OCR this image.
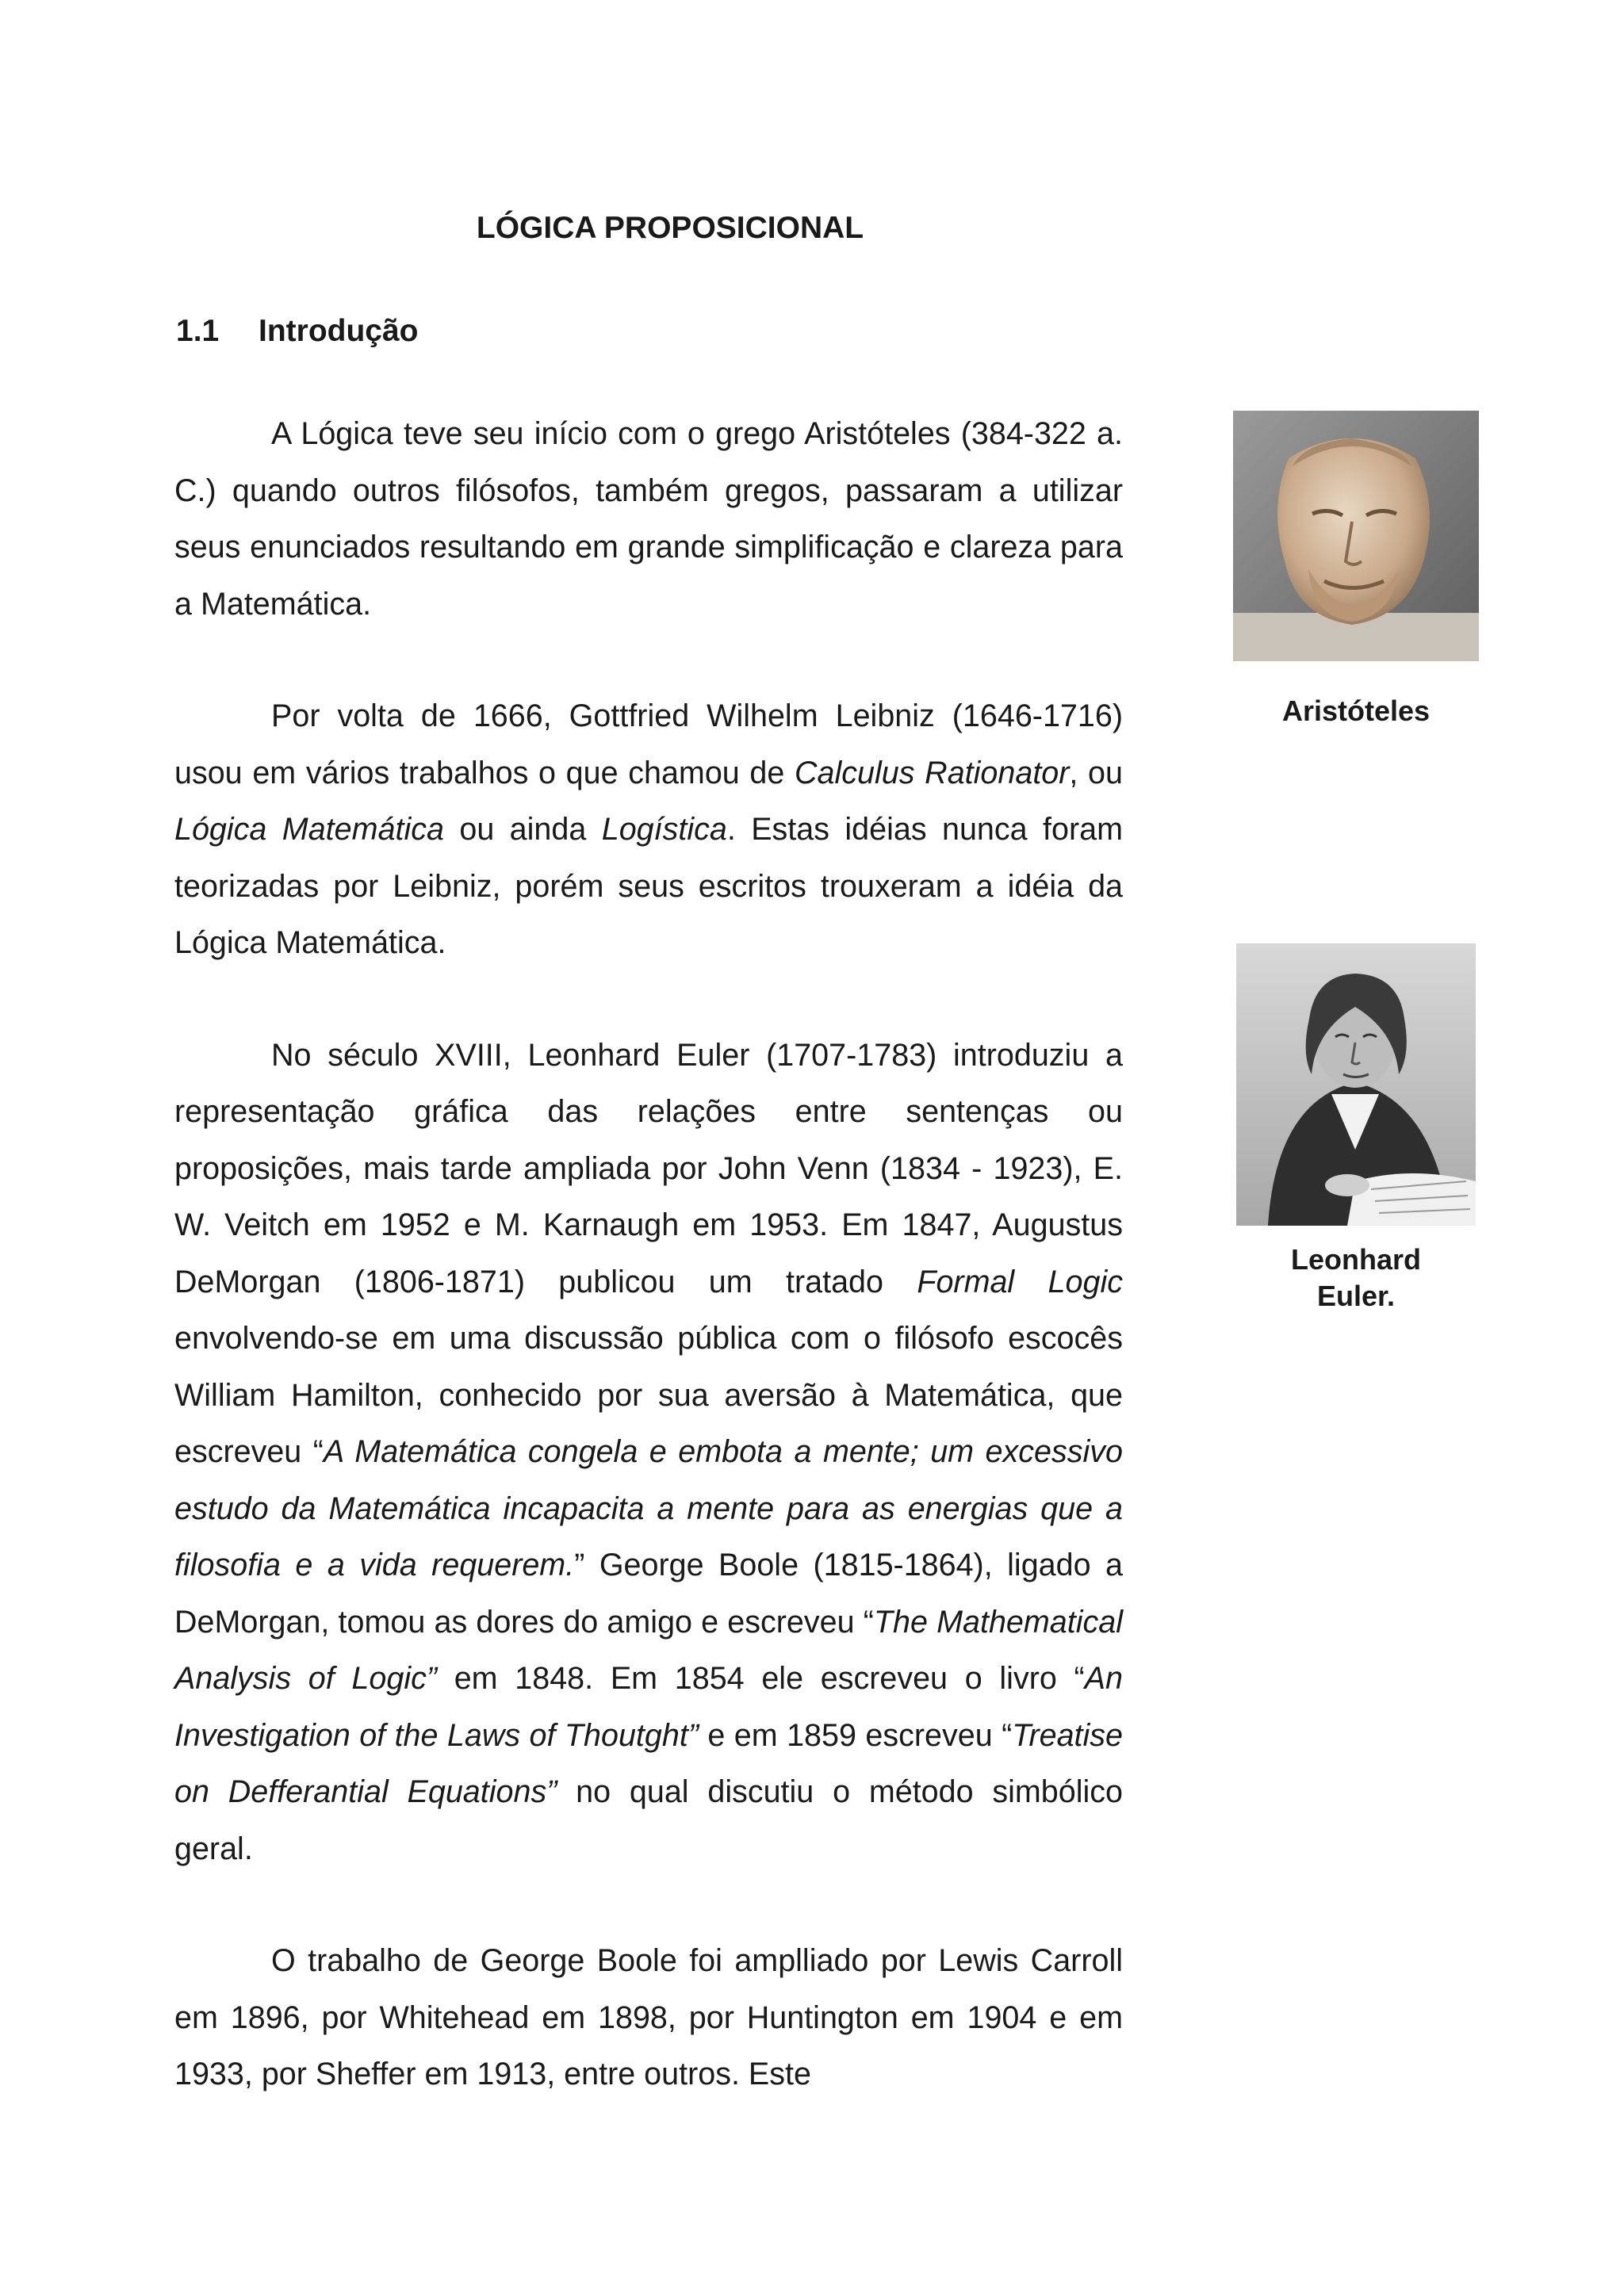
LÓGICA PROPOSICIONAL
1.1 Introdução

A Lógica teve seu início com o grego Aristóteles (384-322 a. C.) quando outros filósofos, também gregos, passaram a utilizar seus enunciados resultando em grande simplificação e clareza para a Matemática.

Por volta de 1666, Gottfried Wilhelm Leibniz (1646-1716) usou em vários trabalhos o que chamou de Calculus Rationator, ou Lógica Matemática ou ainda Logística. Estas idéias nunca foram teorizadas por Leibniz, porém seus escritos trouxeram a idéia da Lógica Matemática.

No século XVIII, Leonhard Euler (1707-1783) introduziu a representação gráfica das relações entre sentenças ou proposições, mais tarde ampliada por John Venn (1834 - 1923), E. W. Veitch em 1952 e M. Karnaugh em 1953. Em 1847, Augustus DeMorgan (1806-1871) publicou um tratado Formal Logic envolvendo-se em uma discussão pública com o filósofo escocês William Hamilton, conhecido por sua aversão à Matemática, que escreveu “A Matemática congela e embota a mente; um excessivo estudo da Matemática incapacita a mente para as energias que a filosofia e a vida requerem.” George Boole (1815-1864), ligado a DeMorgan, tomou as dores do amigo e escreveu “The Mathematical Analysis of Logic” em 1848. Em 1854 ele escreveu o livro “An Investigation of the Laws of Thoutght” e em 1859 escreveu “Treatise on Defferantial Equations” no qual discutiu o método simbólico geral.

O trabalho de George Boole foi amplliado por Lewis Carroll em 1896, por Whitehead em 1898, por Huntington em 1904 e em 1933, por Sheffer em 1913, entre outros. Este

Aristóteles
Leonhard Euler.
